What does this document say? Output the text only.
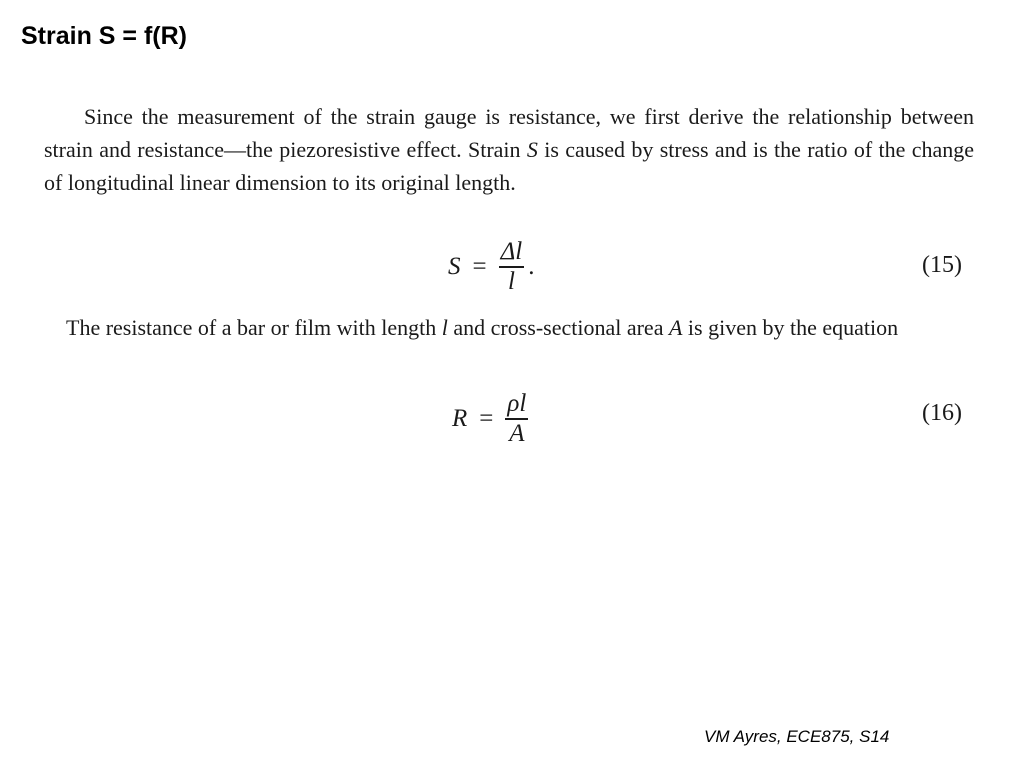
Strain S = f(R)
Since the measurement of the strain gauge is resistance, we first derive the relationship between strain and resistance—the piezoresistive effect. Strain S is caused by stress and is the ratio of the change of longitudinal linear dimension to its original length.
$S = \frac{\Delta l}{l}$ .	(15)
The resistance of a bar or film with length l and cross-sectional area A is given by the equation
$R = \frac{\rho l}{A}$	(16)
VM Ayres, ECE875, S14
